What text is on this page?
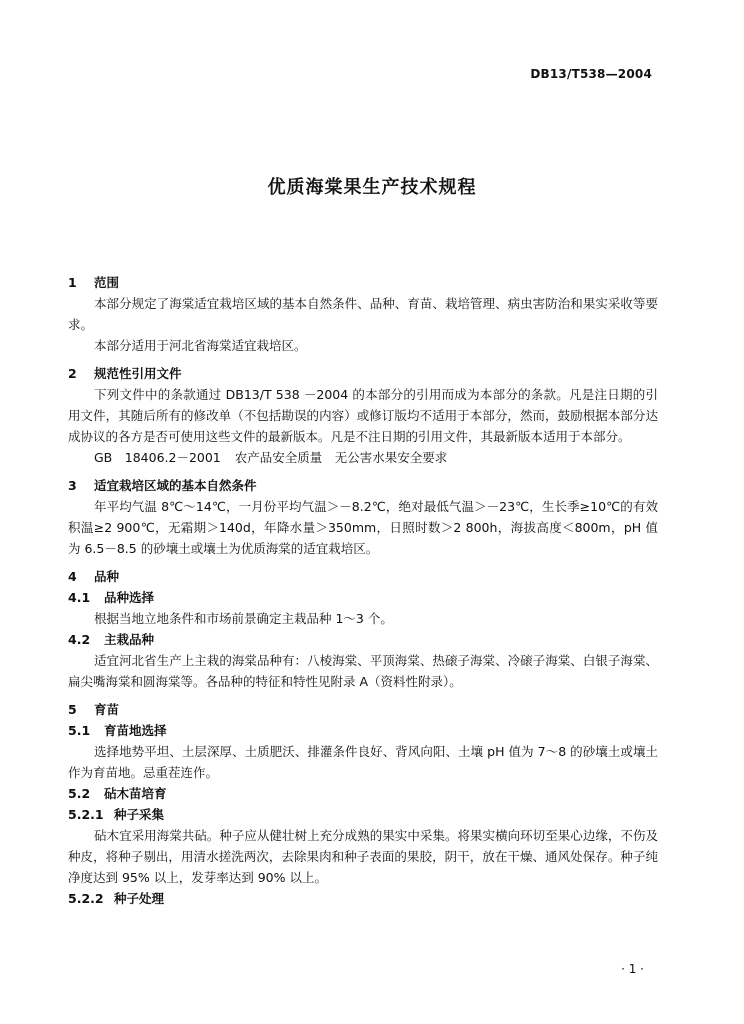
DB13/T538—2004
优质海棠果生产技术规程
1 范围

本部分规定了海棠适宜栽培区域的基本自然条件、品种、育苗、栽培管理、病虫害防治和果实采收等要求。

本部分适用于河北省海棠适宜栽培区。

2 规范性引用文件

下列文件中的条款通过 DB13/T 538 －2004 的本部分的引用而成为本部分的条款。凡是注日期的引用文件，其随后所有的修改单（不包括勘误的内容）或修订版均不适用于本部分，然而，鼓励根据本部分达成协议的各方是否可使用这些文件的最新版本。凡是不注日期的引用文件，其最新版本适用于本部分。

GB　18406.2－2001 农产品安全质量　无公害水果安全要求
3 适宜栽培区域的基本自然条件

年平均气温 8℃～14℃，一月份平均气温＞－8.2℃，绝对最低气温＞－23℃，生长季≥10℃的有效积温≥2 900℃，无霜期＞140d，年降水量＞350mm，日照时数＞2 800h，海拔高度＜800m，pH 值为 6.5－8.5 的砂壤土或壤土为优质海棠的适宜栽培区。

4 品种
4.1 品种选择

根据当地立地条件和市场前景确定主栽品种 1～3 个。

4.2 主栽品种

适宜河北省生产上主栽的海棠品种有：八棱海棠、平顶海棠、热磙子海棠、冷磙子海棠、白银子海棠、扁尖嘴海棠和圆海棠等。各品种的特征和特性见附录 A（资料性附录）。

5 育苗
5.1 育苗地选择

选择地势平坦、土层深厚、土质肥沃、排灌条件良好、背风向阳、土壤 pH 值为 7～8 的砂壤土或壤土作为育苗地。忌重茬连作。

5.2 砧木苗培育
5.2.1 种子采集

砧木宜采用海棠共砧。种子应从健壮树上充分成熟的果实中采集。将果实横向环切至果心边缘，不伤及种皮，将种子剔出，用清水搓洗两次，去除果肉和种子表面的果胶，阴干，放在干燥、通风处保存。种子纯净度达到 95% 以上，发芽率达到 90% 以上。

5.2.2 种子处理
· 1 ·
